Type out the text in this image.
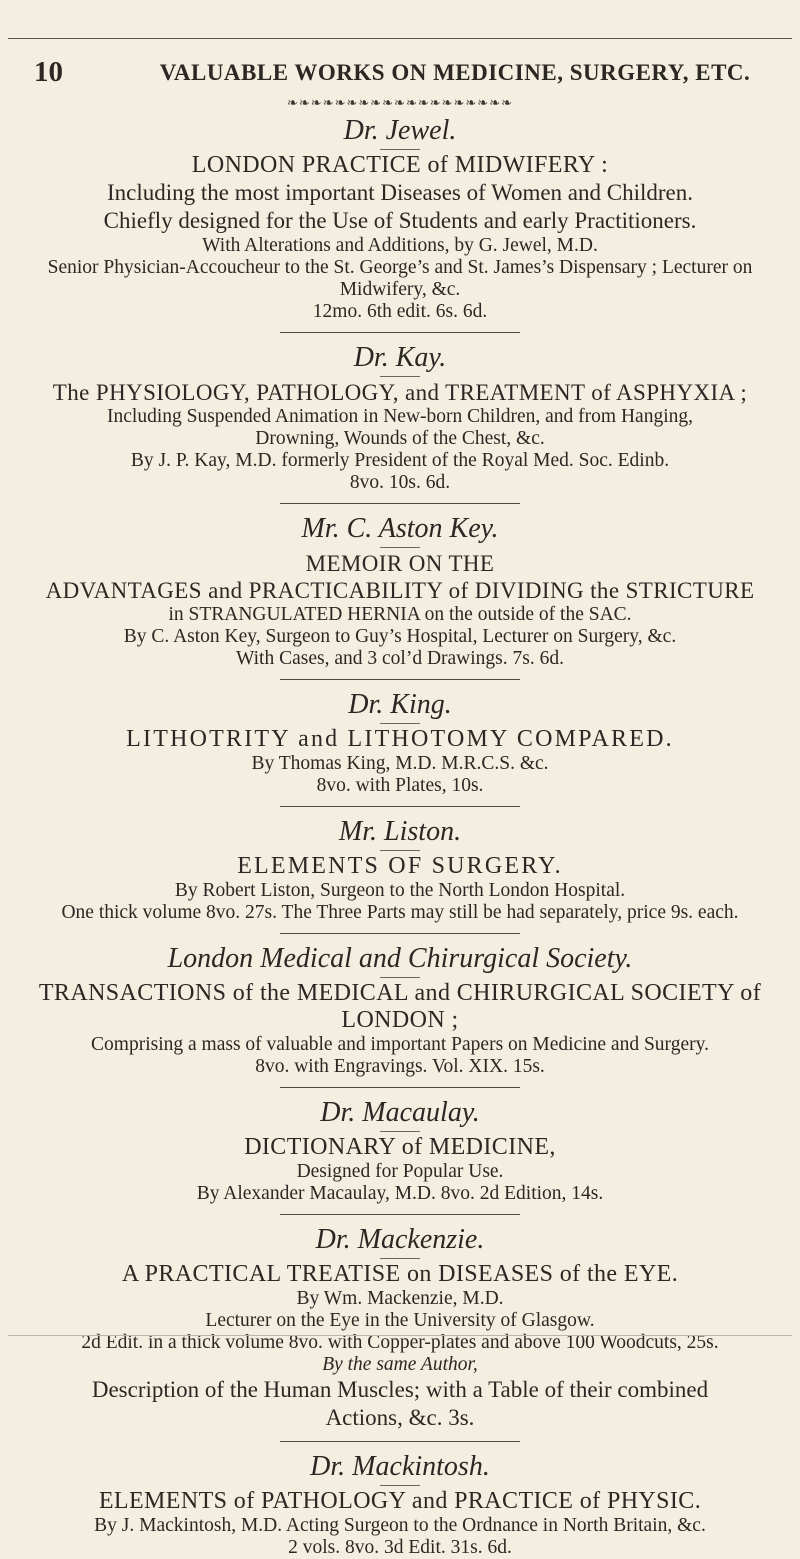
10	VALUABLE WORKS ON MEDICINE, SURGERY, ETC.
❧❧❧❧❧❧❧❧❧❧❧❧❧❧❧❧❧❧❧

Dr. Jewel.

LONDON PRACTICE of MIDWIFERY :

Including the most important Diseases of Women and Children.

Chiefly designed for the Use of Students and early Practitioners.

With Alterations and Additions, by G. Jewel, M.D.

Senior Physician-Accoucheur to the St. George’s and St. James’s Dispensary ; Lecturer on

Midwifery, &c.

12mo. 6th edit. 6s. 6d.

Dr. Kay.

The PHYSIOLOGY, PATHOLOGY, and TREATMENT of ASPHYXIA ;

Including Suspended Animation in New-born Children, and from Hanging,

Drowning, Wounds of the Chest, &c.

By J. P. Kay, M.D. formerly President of the Royal Med. Soc. Edinb.

8vo. 10s. 6d.

Mr. C. Aston Key.

MEMOIR ON THE

ADVANTAGES and PRACTICABILITY of DIVIDING the STRICTURE

in STRANGULATED HERNIA on the outside of the SAC.

By C. Aston Key, Surgeon to Guy’s Hospital, Lecturer on Surgery, &c.

With Cases, and 3 col’d Drawings. 7s. 6d.

Dr. King.

LITHOTRITY and LITHOTOMY COMPARED.

By Thomas King, M.D. M.R.C.S. &c.

8vo. with Plates, 10s.

Mr. Liston.

ELEMENTS OF SURGERY.

By Robert Liston, Surgeon to the North London Hospital.

One thick volume 8vo. 27s. The Three Parts may still be had separately, price 9s. each.

London Medical and Chirurgical Society.

TRANSACTIONS of the MEDICAL and CHIRURGICAL SOCIETY of

LONDON ;

Comprising a mass of valuable and important Papers on Medicine and Surgery.

8vo. with Engravings. Vol. XIX. 15s.

Dr. Macaulay.

DICTIONARY of MEDICINE,

Designed for Popular Use.

By Alexander Macaulay, M.D. 8vo. 2d Edition, 14s.

Dr. Mackenzie.

A PRACTICAL TREATISE on DISEASES of the EYE.

By Wm. Mackenzie, M.D.

Lecturer on the Eye in the University of Glasgow.

2d Edit. in a thick volume 8vo. with Copper-plates and above 100 Woodcuts, 25s.

By the same Author,

Description of the Human Muscles; with a Table of their combined

Actions, &c. 3s.

Dr. Mackintosh.

ELEMENTS of PATHOLOGY and PRACTICE of PHYSIC.

By J. Mackintosh, M.D. Acting Surgeon to the Ordnance in North Britain, &c.

2 vols. 8vo. 3d Edit. 31s. 6d.
